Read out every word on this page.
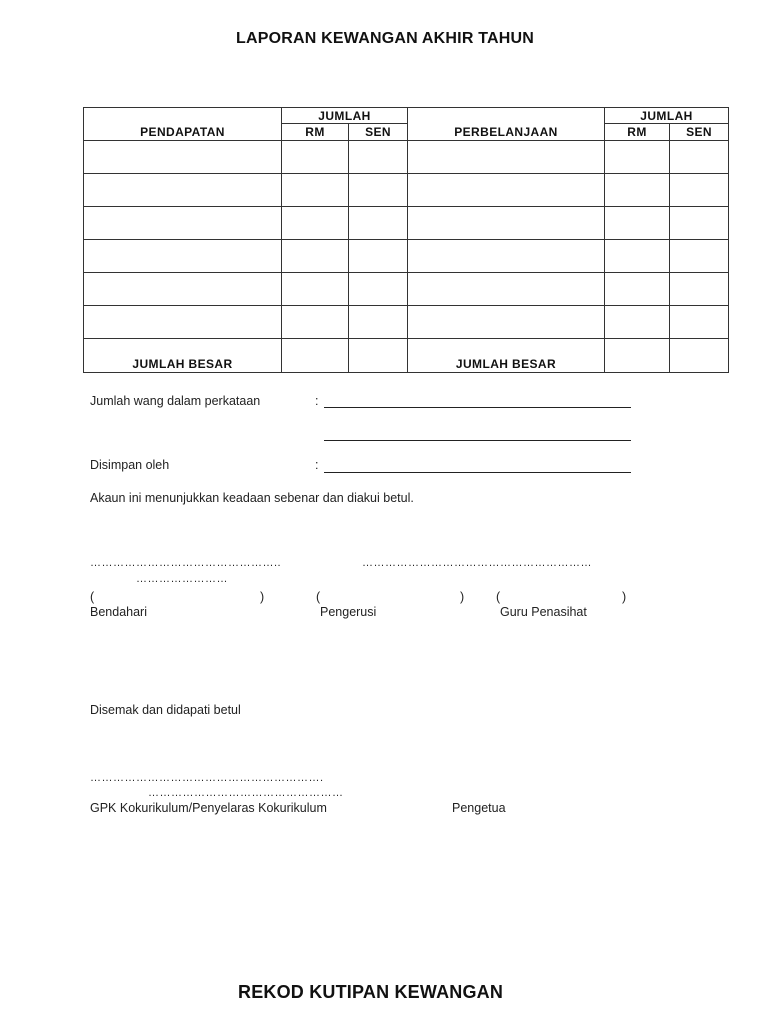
LAPORAN KEWANGAN AKHIR TAHUN
PENDAPATAN	JUMLAH		PERBELANJAAN	JUMLAH	
	RM	SEN		RM	SEN

JUMLAH BESAR			JUMLAH BESAR		
Jumlah wang dalam perkataan	:
Disimpan oleh	:
Akaun ini menunjukkan keadaan sebenar dan diakui betul.
…………………………………………..	……………………………………………………
……………………
(	)	(	)	(	)
Bendahari	Pengerusi	Guru Penasihat
Disemak dan didapati betul
…………………………………………………….
……………………………………………
GPK Kokurikulum/Penyelaras Kokurikulum	Pengetua
REKOD KUTIPAN KEWANGAN
